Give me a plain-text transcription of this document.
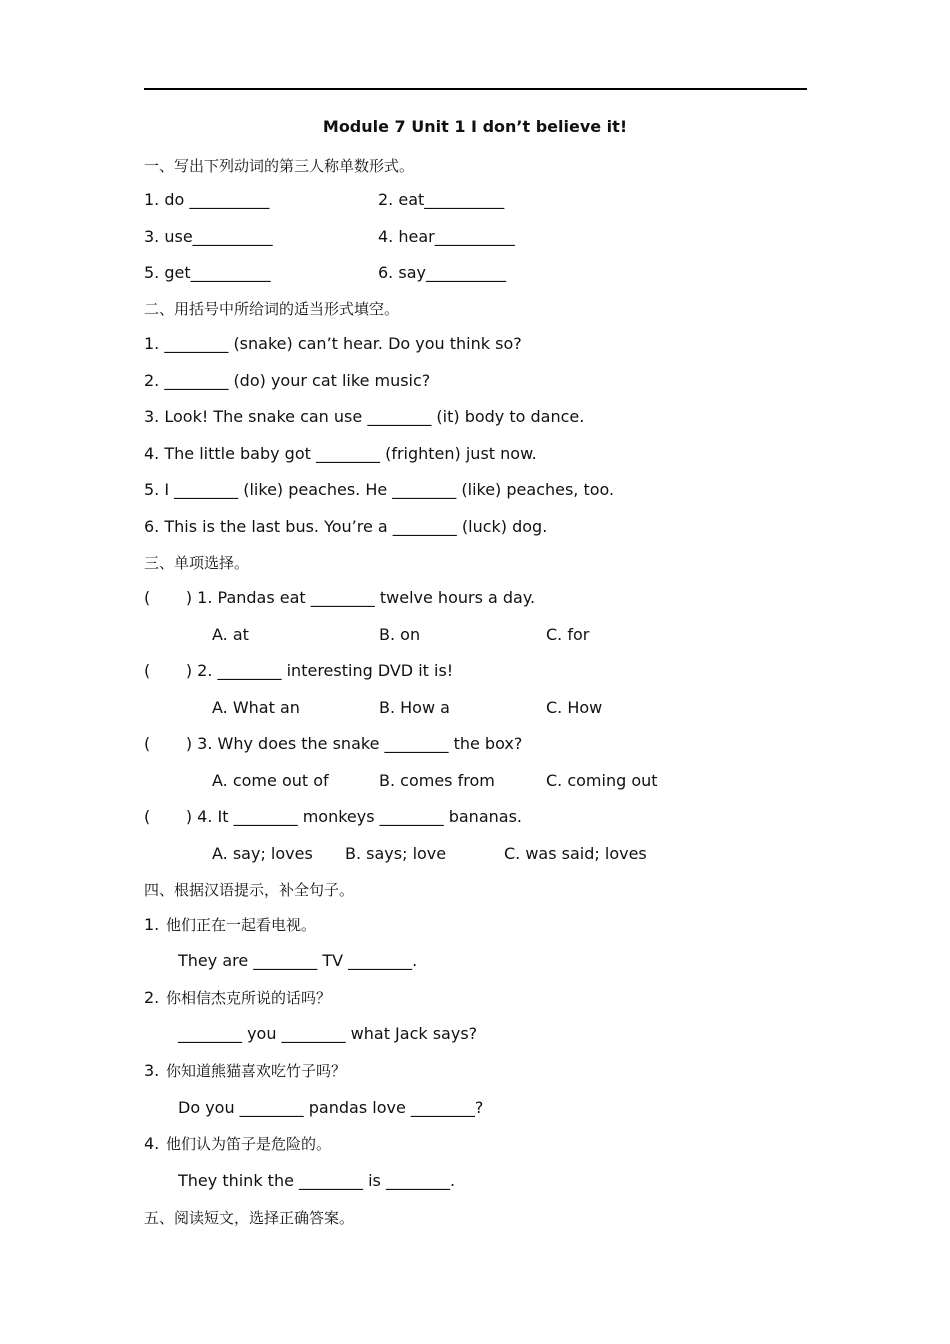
Module 7 Unit 1 I don’t believe it!
一、写出下列动词的第三人称单数形式。
1. do __________	2. eat__________
3. use__________	4. hear__________
5. get__________	6. say__________
二、用括号中所给词的适当形式填空。
1. ________ (snake) can’t hear. Do you think so?
2. ________ (do) your cat like music?
3. Look! The snake can use ________ (it) body to dance.
4. The little baby got ________ (frighten) just now.
5. I ________ (like) peaches. He ________ (like) peaches, too.
6. This is the last bus. You’re a ________ (luck) dog.
三、单项选择。
(       ) 1. Pandas eat ________ twelve hours a day.
A. at	B. on	C. for
(       ) 2. ________ interesting DVD it is!
A. What an	B. How a	C. How
(       ) 3. Why does the snake ________ the box?
A. come out of	B. comes from	C. coming out
(       ) 4. It ________ monkeys ________ bananas.
A. say; loves B. says; love	C. was said; loves
四、根据汉语提示，补全句子。
1. 他们正在一起看电视。
They are ________ TV ________.
2. 你相信杰克所说的话吗？
________ you ________ what Jack says?
3. 你知道熊猫喜欢吃竹子吗？
Do you ________ pandas love ________?
4. 他们认为笛子是危险的。
They think the ________ is ________.
五、阅读短文，选择正确答案。
